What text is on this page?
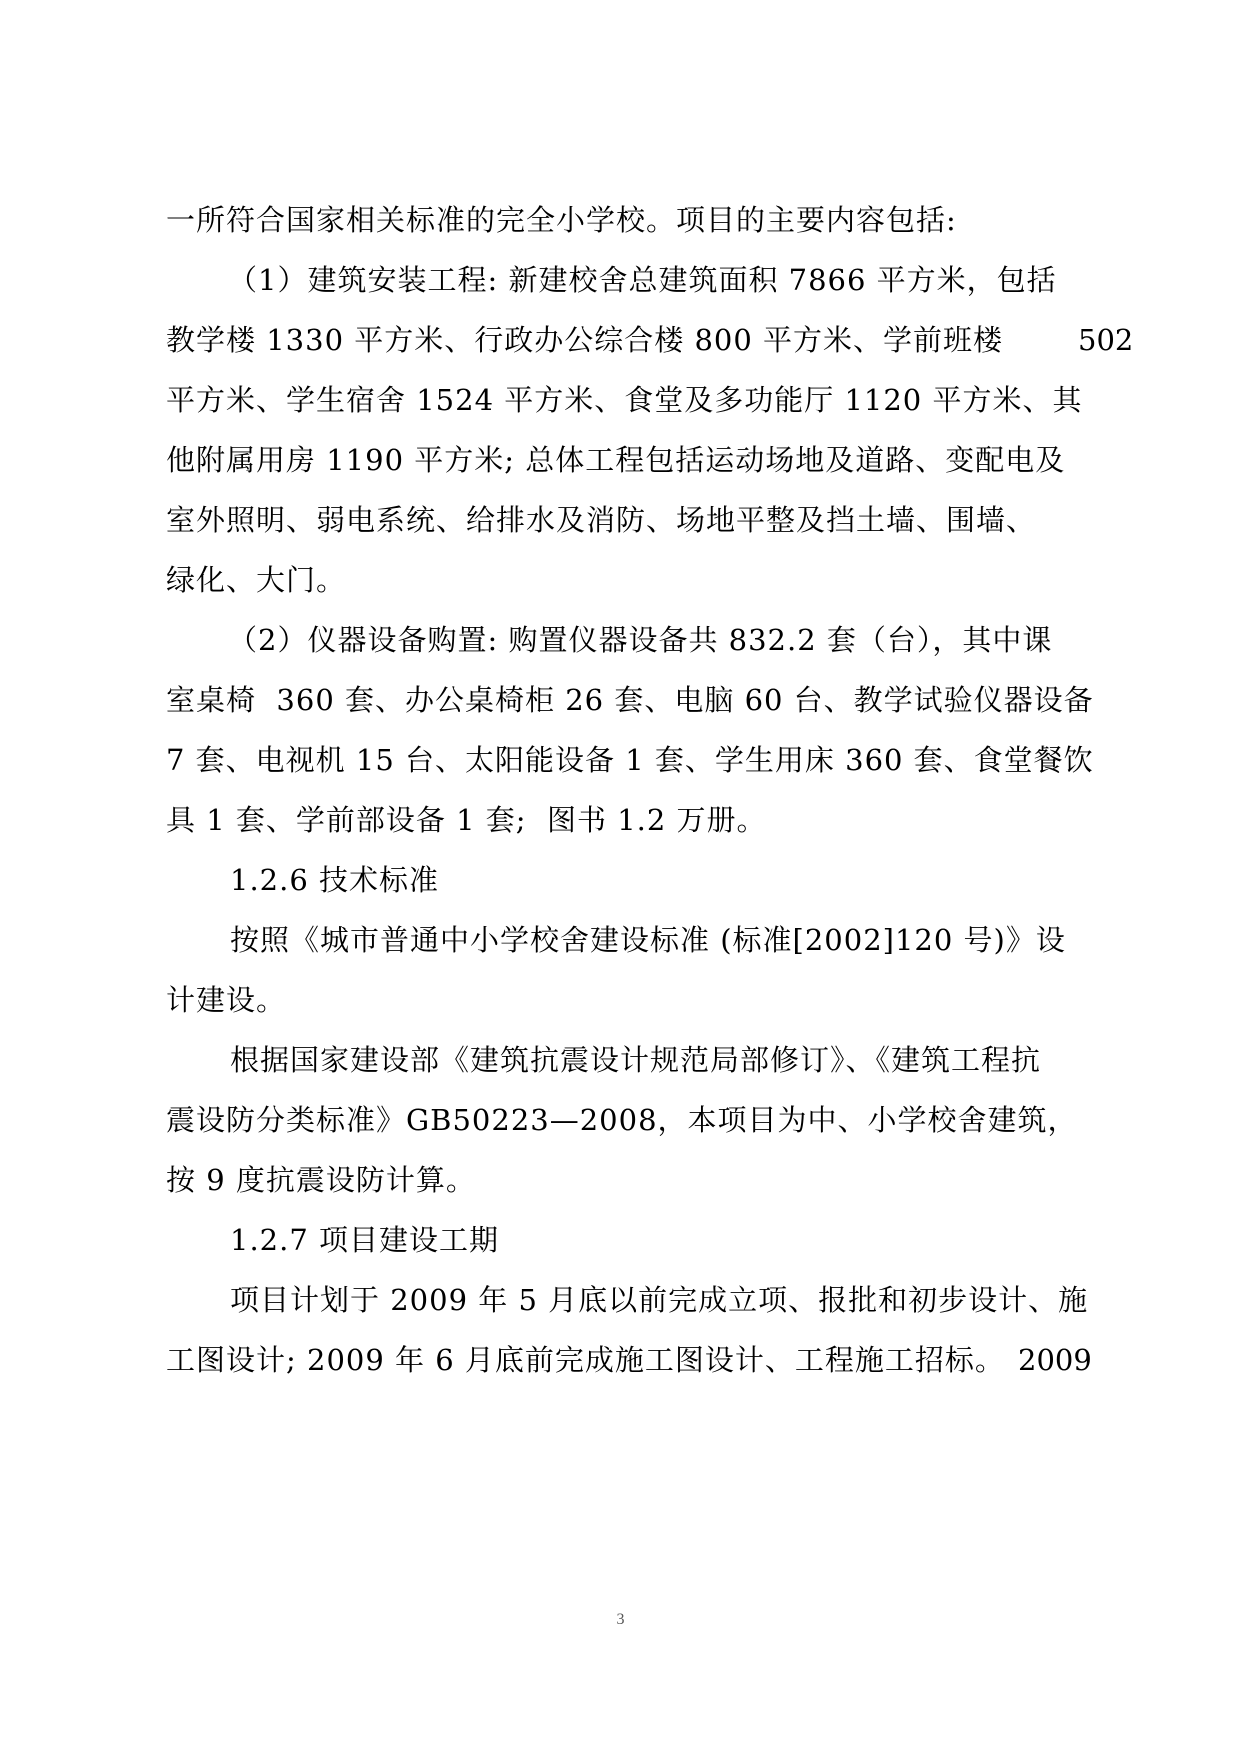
一所符合国家相关标准的完全小学校。项目的主要内容包括:
（1）建筑安装工程: 新建校舍总建筑面积 7866 平方米，包括
教学楼 1330 平方米、行政办公综合楼 800 平方米、学前班楼	502
平方米、学生宿舍 1524 平方米、食堂及多功能厅 1120 平方米、其
他附属用房 1190 平方米; 总体工程包括运动场地及道路、变配电及
室外照明、弱电系统、给排水及消防、场地平整及挡土墙、围墙、
绿化、大门。
（2）仪器设备购置: 购置仪器设备共 832.2 套（台），其中课
室桌椅  360 套、办公桌椅柜 26 套、电脑 60 台、教学试验仪器设备
7 套、电视机 15 台、太阳能设备 1 套、学生用床 360 套、食堂餐饮
具 1 套、学前部设备 1 套;  图书 1.2 万册。
1.2.6 技术标准
按照《城市普通中小学校舍建设标准 (标准[2002]120 号)》设
计建设。
根据国家建设部《建筑抗震设计规范局部修订》、《建筑工程抗
震设防分类标准》GB50223—2008，本项目为中、小学校舍建筑，
按 9 度抗震设防计算。
1.2.7 项目建设工期
项目计划于 2009 年 5 月底以前完成立项、报批和初步设计、施
工图设计; 2009 年 6 月底前完成施工图设计、工程施工招标。 2009
3
